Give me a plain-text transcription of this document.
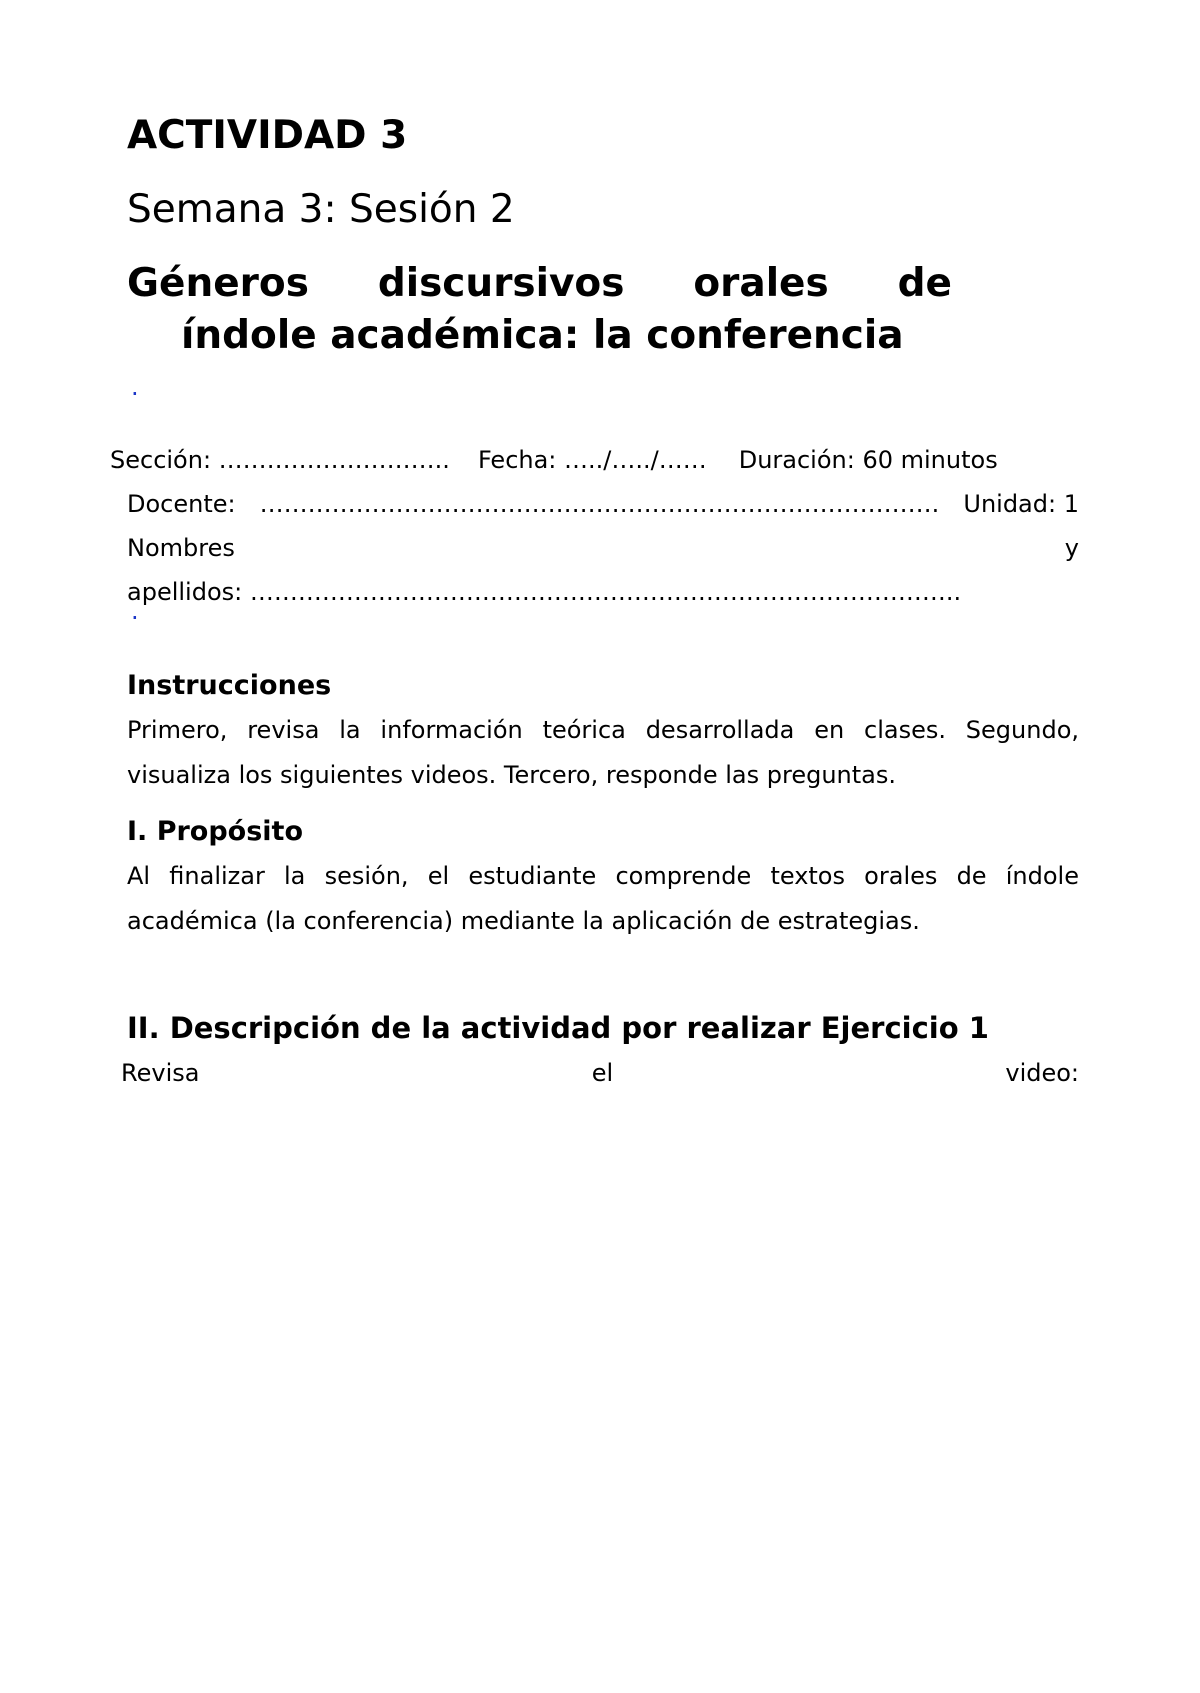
ACTIVIDAD 3
Semana 3: Sesión 2
Géneros discursivos orales de
índole académica: la conferencia
·
Sección: ……………………….. Fecha: …../…../…… Duración: 60 minutos
Docente: …………………………………………………………………………. Unidad: 1
Nombres	y
apellidos: ……………………………………………………………………………..
·
Instrucciones
Primero, revisa la información teórica desarrollada en clases. Segundo, visualiza los siguientes videos. Tercero, responde las preguntas.
I. Propósito
Al finalizar la sesión, el estudiante comprende textos orales de índole académica (la conferencia) mediante la aplicación de estrategias.
II. Descripción de la actividad por realizar Ejercicio 1
Revisa	el	video:
